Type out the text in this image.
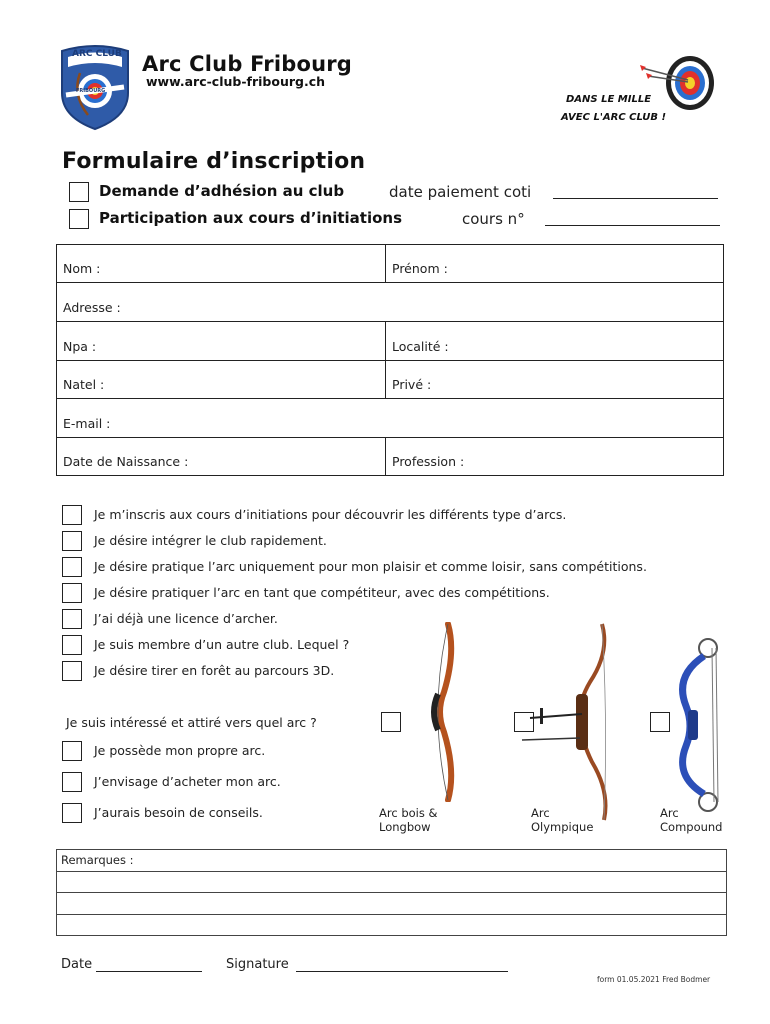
ARC CLUB
FRIBOURG
Arc Club Fribourg
www.arc-club-fribourg.ch
DANS LE MILLE
AVEC L'ARC CLUB !
Formulaire d’inscription
Demande d’adhésion au club	date paiement coti
Participation aux cours d’initiations	cours n°
Nom :	Prénom :
Adresse :	
Npa :	Localité :
Natel :	Privé :
E-mail :	
Date de Naissance :	Profession :
Je m’inscris aux cours d’initiations pour découvrir les différents type d’arcs.
Je désire intégrer le club rapidement.
Je désire pratique l’arc uniquement pour mon plaisir et comme loisir, sans compétitions.
Je désire pratiquer l’arc en tant que compétiteur, avec des compétitions.
J’ai déjà une licence d’archer.
Je suis membre d’un autre club. Lequel ?
Je désire tirer en forêt au parcours 3D.
Je suis intéressé et attiré vers quel arc ?
Je possède mon propre arc.
J’envisage d’acheter mon arc.
J’aurais besoin de conseils.	Arc bois &
Longbow
Arc
Olympique
Arc
Compound
Remarques :

Date	Signature
form 01.05.2021 Fred Bodmer
